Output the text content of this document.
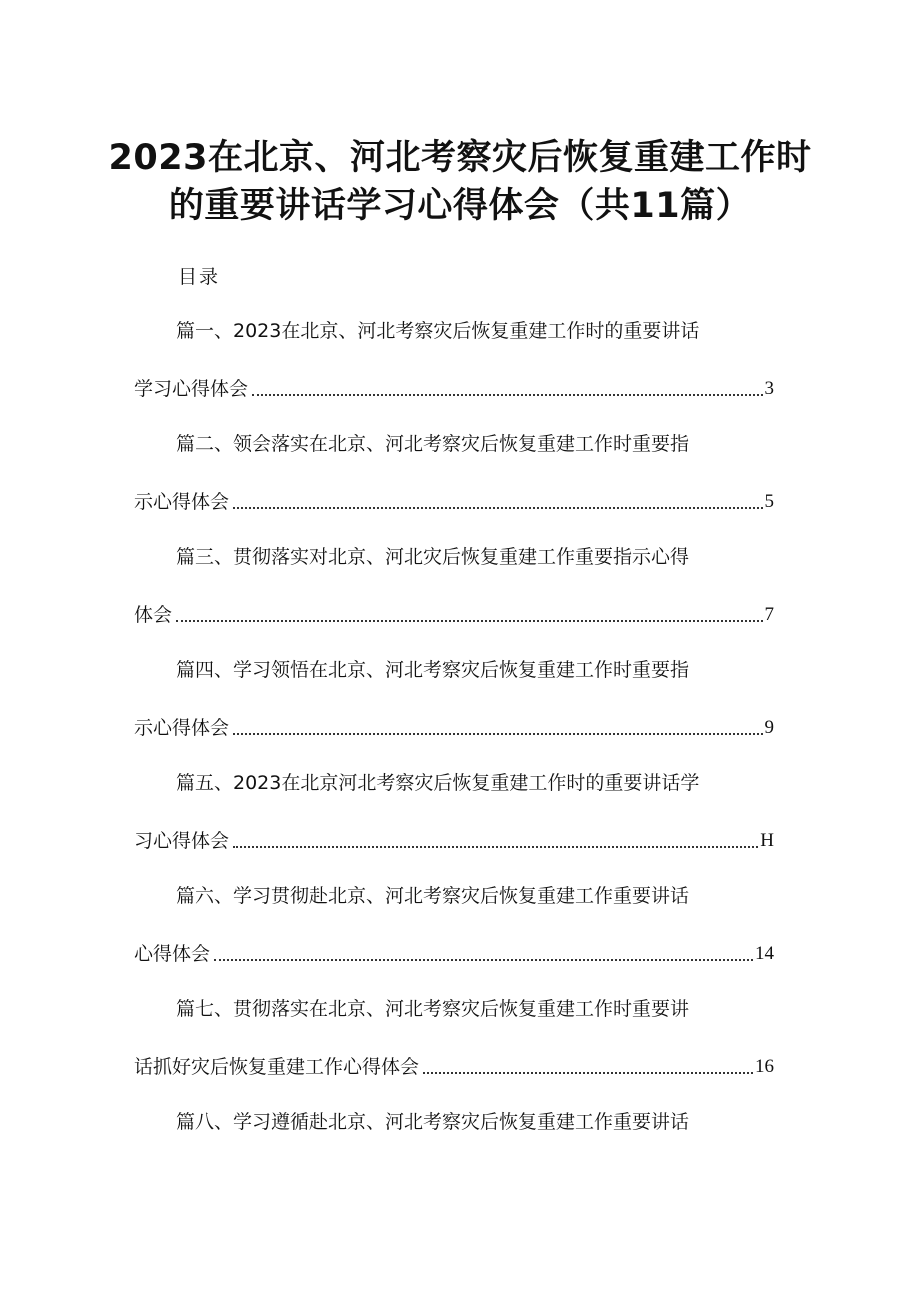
2023在北京、河北考察灾后恢复重建工作时
的重要讲话学习心得体会（共11篇）
目录
篇一、2023在北京、河北考察灾后恢复重建工作时的重要讲话
学习心得体会	3
篇二、领会落实在北京、河北考察灾后恢复重建工作时重要指
示心得体会	5
篇三、贯彻落实对北京、河北灾后恢复重建工作重要指示心得
体会	7
篇四、学习领悟在北京、河北考察灾后恢复重建工作时重要指
示心得体会	9
篇五、2023在北京河北考察灾后恢复重建工作时的重要讲话学
习心得体会	H
篇六、学习贯彻赴北京、河北考察灾后恢复重建工作重要讲话
心得体会	14
篇七、贯彻落实在北京、河北考察灾后恢复重建工作时重要讲
话抓好灾后恢复重建工作心得体会	16
篇八、学习遵循赴北京、河北考察灾后恢复重建工作重要讲话
